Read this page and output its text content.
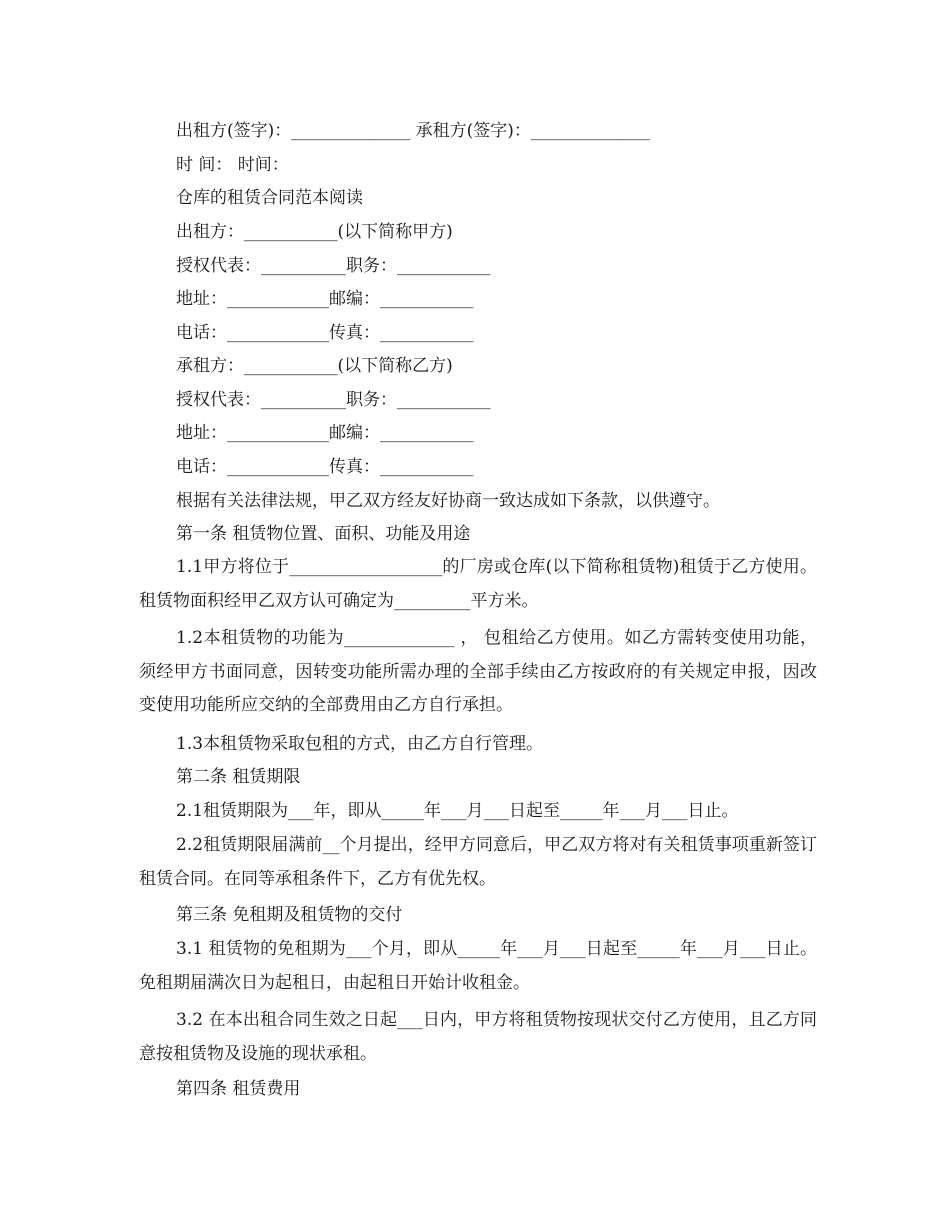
出租方(签字)：______________ 承租方(签字)：______________
时 间： 时间：
仓库的租赁合同范本阅读
出租方：___________(以下简称甲方)
授权代表：__________职务：___________
地址：____________邮编：___________
电话：____________传真：___________
承租方：___________(以下简称乙方)
授权代表：__________职务：___________
地址：____________邮编：___________
电话：____________传真：___________
根据有关法律法规，甲乙双方经友好协商一致达成如下条款，以供遵守。
第一条 租赁物位置、面积、功能及用途
1.1甲方将位于__________________的厂房或仓库(以下简称租赁物)租赁于乙方使用。租赁物面积经甲乙双方认可确定为_________平方米。
1.2本租赁物的功能为_____________ ， 包租给乙方使用。如乙方需转变使用功能，须经甲方书面同意，因转变功能所需办理的全部手续由乙方按政府的有关规定申报，因改变使用功能所应交纳的全部费用由乙方自行承担。
1.3本租赁物采取包租的方式，由乙方自行管理。
第二条 租赁期限
2.1租赁期限为___年，即从_____年___月___日起至_____年___月___日止。
2.2租赁期限届满前__个月提出，经甲方同意后，甲乙双方将对有关租赁事项重新签订租赁合同。在同等承租条件下，乙方有优先权。
第三条 免租期及租赁物的交付
3.1 租赁物的免租期为___个月，即从_____年___月___日起至_____年___月___日止。免租期届满次日为起租日，由起租日开始计收租金。
3.2 在本出租合同生效之日起___日内，甲方将租赁物按现状交付乙方使用，且乙方同意按租赁物及设施的现状承租。
第四条 租赁费用
